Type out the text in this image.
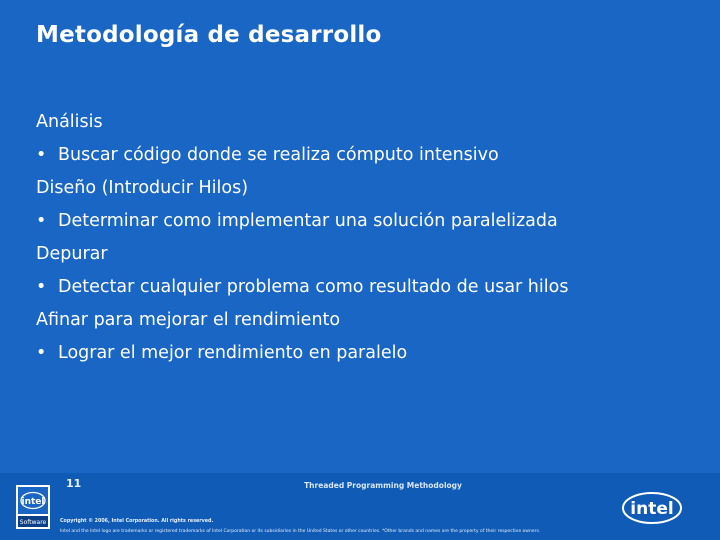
Metodología de desarrollo
Análisis
• Buscar código donde se realiza cómputo intensivo
Diseño (Introducir Hilos)
• Determinar como implementar una solución paralelizada
Depurar
• Detectar cualquier problema como resultado de usar hilos
Afinar para mejorar el rendimiento
• Lograr el mejor rendimiento en paralelo
Threaded Programming Methodology
intel
Software
11
Copyright © 2006, Intel Corporation. All rights reserved.
Intel and the Intel logo are trademarks or registered trademarks of Intel Corporation or its subsidiaries in the United States or other countries. *Other brands and names are the property of their respective owners.
intel
